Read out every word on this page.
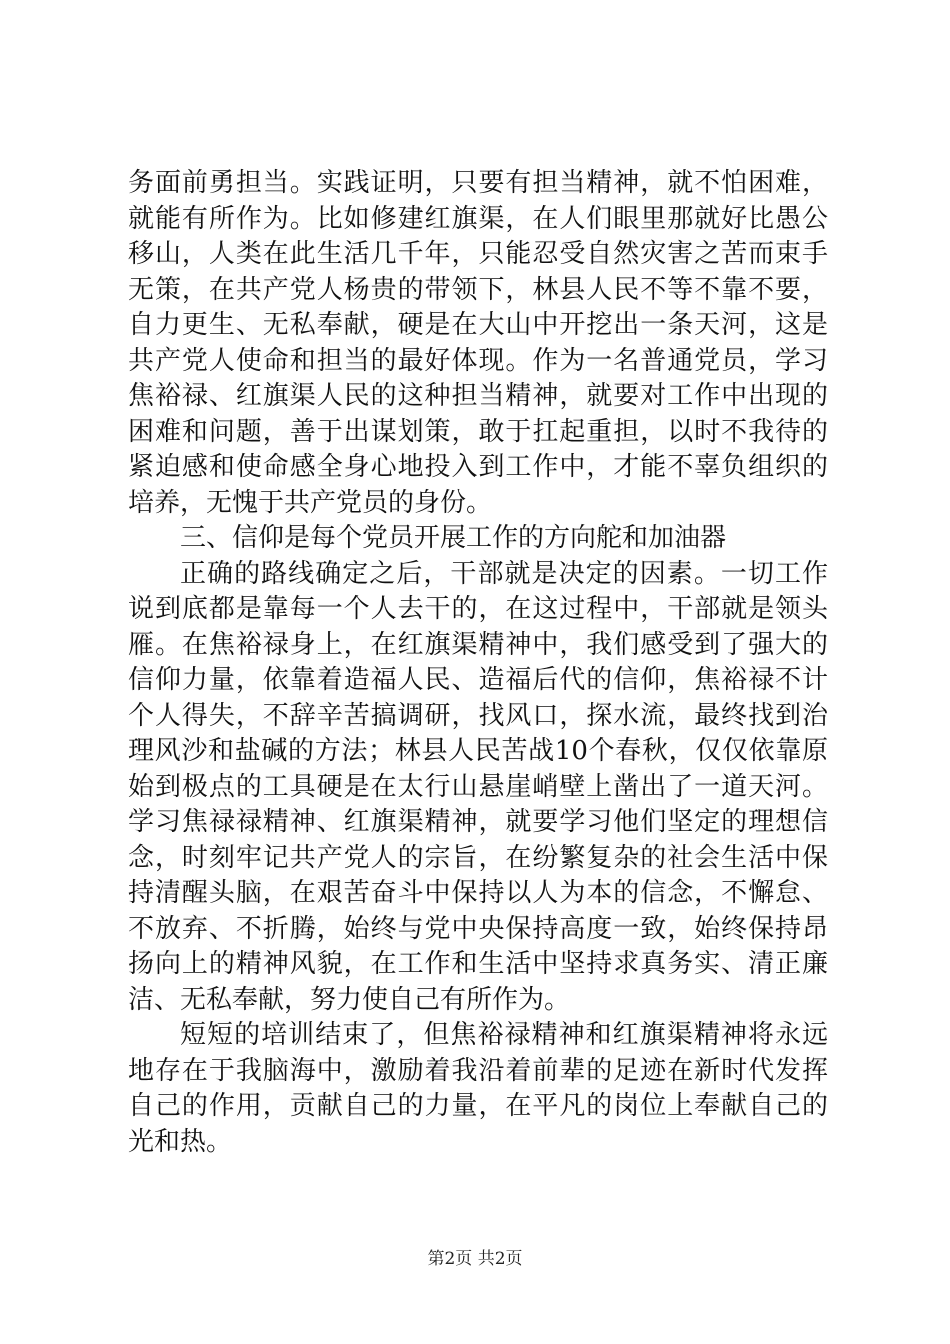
务面前勇担当。实践证明，只要有担当精神，就不怕困难，就能有所作为。比如修建红旗渠，在人们眼里那就好比愚公移山，人类在此生活几千年，只能忍受自然灾害之苦而束手无策，在共产党人杨贵的带领下，林县人民不等不靠不要，自力更生、无私奉献，硬是在大山中开挖出一条天河，这是共产党人使命和担当的最好体现。作为一名普通党员，学习焦裕禄、红旗渠人民的这种担当精神，就要对工作中出现的困难和问题，善于出谋划策，敢于扛起重担，以时不我待的紧迫感和使命感全身心地投入到工作中，才能不辜负组织的培养，无愧于共产党员的身份。

三、信仰是每个党员开展工作的方向舵和加油器

正确的路线确定之后，干部就是决定的因素。一切工作说到底都是靠每一个人去干的，在这过程中，干部就是领头雁。在焦裕禄身上，在红旗渠精神中，我们感受到了强大的信仰力量，依靠着造福人民、造福后代的信仰，焦裕禄不计个人得失，不辞辛苦搞调研，找风口，探水流，最终找到治理风沙和盐碱的方法；林县人民苦战10个春秋，仅仅依靠原始到极点的工具硬是在太行山悬崖峭壁上凿出了一道天河。学习焦禄禄精神、红旗渠精神，就要学习他们坚定的理想信念，时刻牢记共产党人的宗旨，在纷繁复杂的社会生活中保持清醒头脑，在艰苦奋斗中保持以人为本的信念，不懈怠、不放弃、不折腾，始终与党中央保持高度一致，始终保持昂扬向上的精神风貌，在工作和生活中坚持求真务实、清正廉洁、无私奉献，努力使自己有所作为。

短短的培训结束了，但焦裕禄精神和红旗渠精神将永远地存在于我脑海中，激励着我沿着前辈的足迹在新时代发挥自己的作用，贡献自己的力量，在平凡的岗位上奉献自己的光和热。

第2页 共2页
